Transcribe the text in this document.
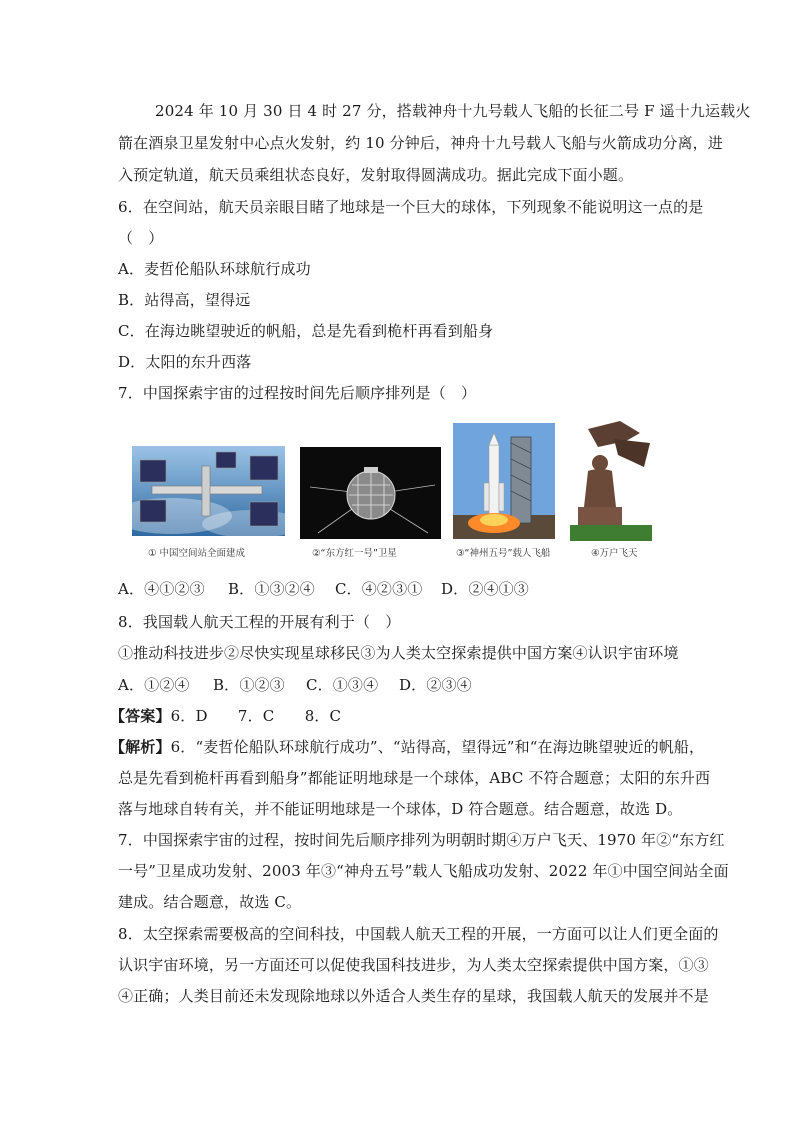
2024 年 10 月 30 日 4 时 27 分，搭载神舟十九号载人飞船的长征二号 F 遥十九运载火
箭在酒泉卫星发射中心点火发射，约 10 分钟后，神舟十九号载人飞船与火箭成功分离，进
入预定轨道，航天员乘组状态良好，发射取得圆满成功。据此完成下面小题。
6．在空间站，航天员亲眼目睹了地球是一个巨大的球体，下列现象不能说明这一点的是
（　）
A．麦哲伦船队环球航行成功
B．站得高，望得远
C．在海边眺望驶近的帆船，总是先看到桅杆再看到船身
D．太阳的东升西落
7．中国探索宇宙的过程按时间先后顺序排列是（　）
① 中国空间站全面建成	②“东方红一号”卫星	③“神州五号”载人飞船	④万户飞天
A．④①②③	B．①③②④	C．④②③①	D．②④①③
8．我国载人航天工程的开展有利于（　）
①推动科技进步②尽快实现星球移民③为人类太空探索提供中国方案④认识宇宙环境
A．①②④	B．①②③	C．①③④	D．②③④
【答案】6．D　　7．C　　8．C
【解析】6．“麦哲伦船队环球航行成功”、“站得高，望得远”和“在海边眺望驶近的帆船，
总是先看到桅杆再看到船身”都能证明地球是一个球体，ABC 不符合题意；太阳的东升西
落与地球自转有关，并不能证明地球是一个球体，D 符合题意。结合题意，故选 D。
7．中国探索宇宙的过程，按时间先后顺序排列为明朝时期④万户飞天、1970 年②“东方红
一号”卫星成功发射、2003 年③“神舟五号”载人飞船成功发射、2022 年①中国空间站全面
建成。结合题意，故选 C。
8．太空探索需要极高的空间科技，中国载人航天工程的开展，一方面可以让人们更全面的
认识宇宙环境，另一方面还可以促使我国科技进步，为人类太空探索提供中国方案，①③
④正确；人类目前还未发现除地球以外适合人类生存的星球，我国载人航天的发展并不是
